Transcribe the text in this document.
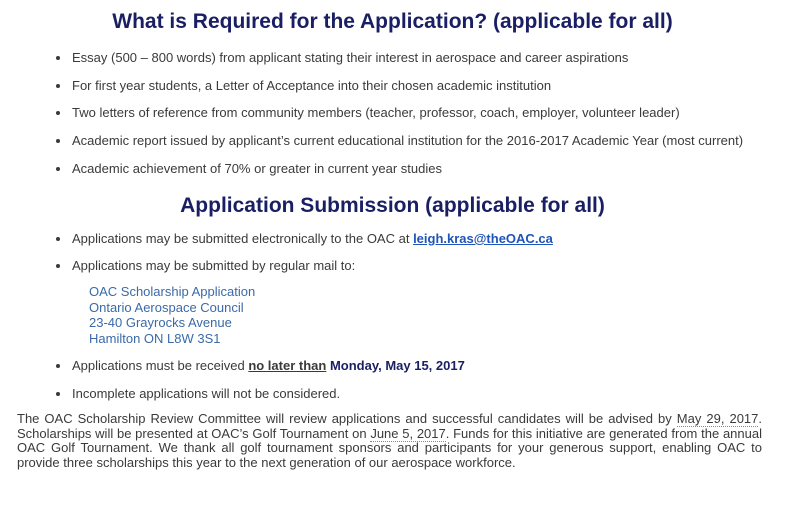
What is Required for the Application? (applicable for all)
Essay (500 – 800 words) from applicant stating their interest in aerospace and career aspirations
For first year students, a Letter of Acceptance into their chosen academic institution
Two letters of reference from community members (teacher, professor, coach, employer, volunteer leader)
Academic report issued by applicant’s current educational institution for the 2016-2017 Academic Year (most current)
Academic achievement of 70% or greater in current year studies
Application Submission (applicable for all)
Applications may be submitted electronically to the OAC at leigh.kras@theOAC.ca
Applications may be submitted by regular mail to:
Applications must be received no later than Monday, May 15, 2017
Incomplete applications will not be considered.
OAC Scholarship Application
Ontario Aerospace Council
23-40 Grayrocks Avenue
Hamilton ON L8W 3S1

The OAC Scholarship Review Committee will review applications and successful candidates will be advised by May 29, 2017. Scholarships will be presented at OAC’s Golf Tournament on June 5, 2017. Funds for this initiative are generated from the annual OAC Golf Tournament. We thank all golf tournament sponsors and participants for your generous support, enabling OAC to provide three scholarships this year to the next generation of our aerospace workforce.
